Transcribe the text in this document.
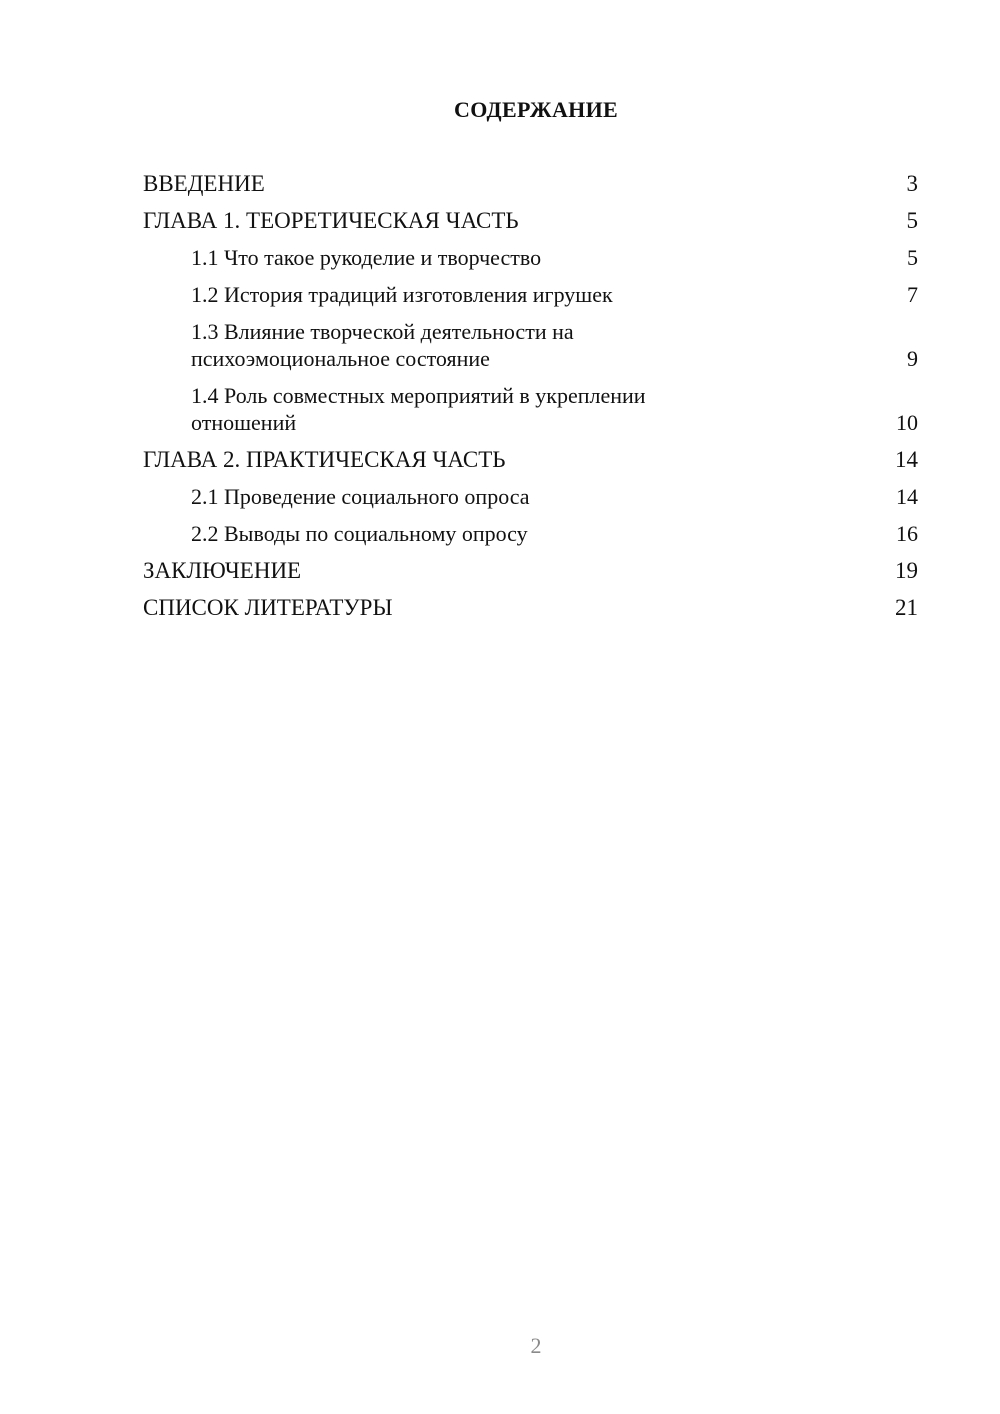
СОДЕРЖАНИЕ
ВВЕДЕНИЕ	3
ГЛАВА 1. ТЕОРЕТИЧЕСКАЯ ЧАСТЬ	5
1.1 Что такое рукоделие и творчество	5
1.2 История традиций изготовления игрушек	7
1.3 Влияние творческой деятельности на психоэмоциональное состояние	9
1.4 Роль совместных мероприятий в укреплении отношений	10
ГЛАВА 2. ПРАКТИЧЕСКАЯ ЧАСТЬ	14
2.1 Проведение социального опроса	14
2.2 Выводы по социальному опросу	16
ЗАКЛЮЧЕНИЕ	19
СПИСОК ЛИТЕРАТУРЫ	21
2
